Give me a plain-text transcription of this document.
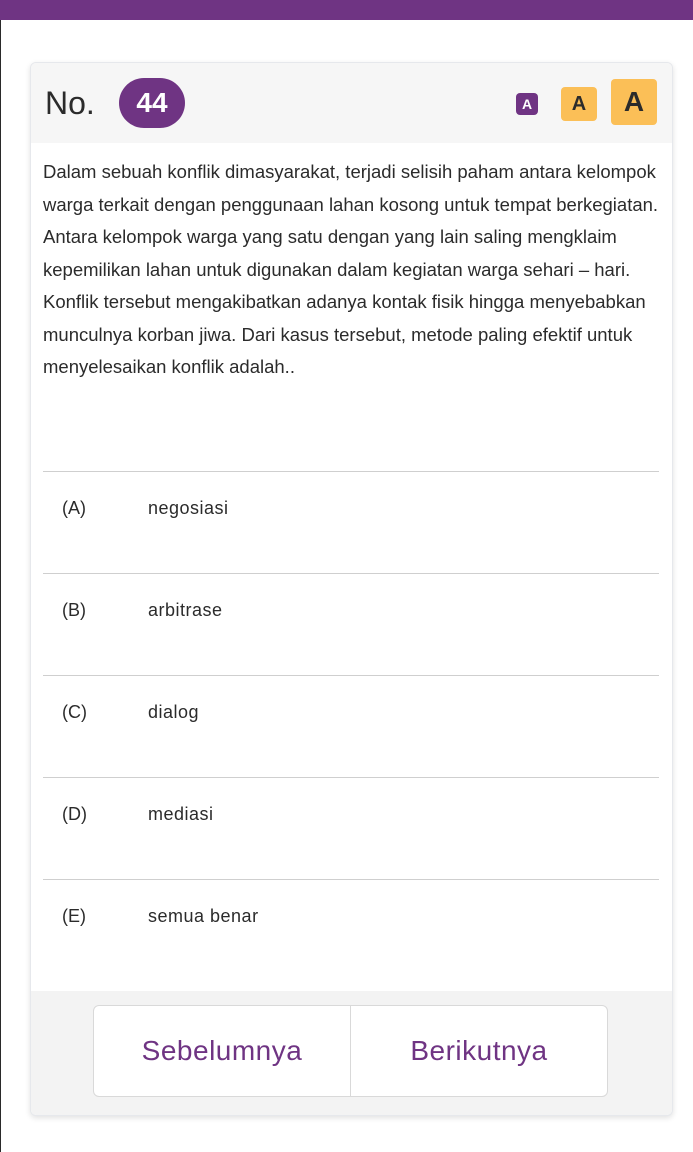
No.	44	A	A	A

Dalam sebuah konflik dimasyarakat, terjadi selisih paham antara kelompok warga terkait dengan penggunaan lahan kosong untuk tempat berkegiatan. Antara kelompok warga yang satu dengan yang lain saling mengklaim kepemilikan lahan untuk digunakan dalam kegiatan warga sehari – hari. Konflik tersebut mengakibatkan adanya kontak fisik hingga menyebabkan munculnya korban jiwa. Dari kasus tersebut, metode paling efektif untuk menyelesaikan konflik adalah..

(A)	negosiasi
(B)	arbitrase
(C)	dialog
(D)	mediasi
(E)	semua benar
Sebelumnya	Berikutnya
